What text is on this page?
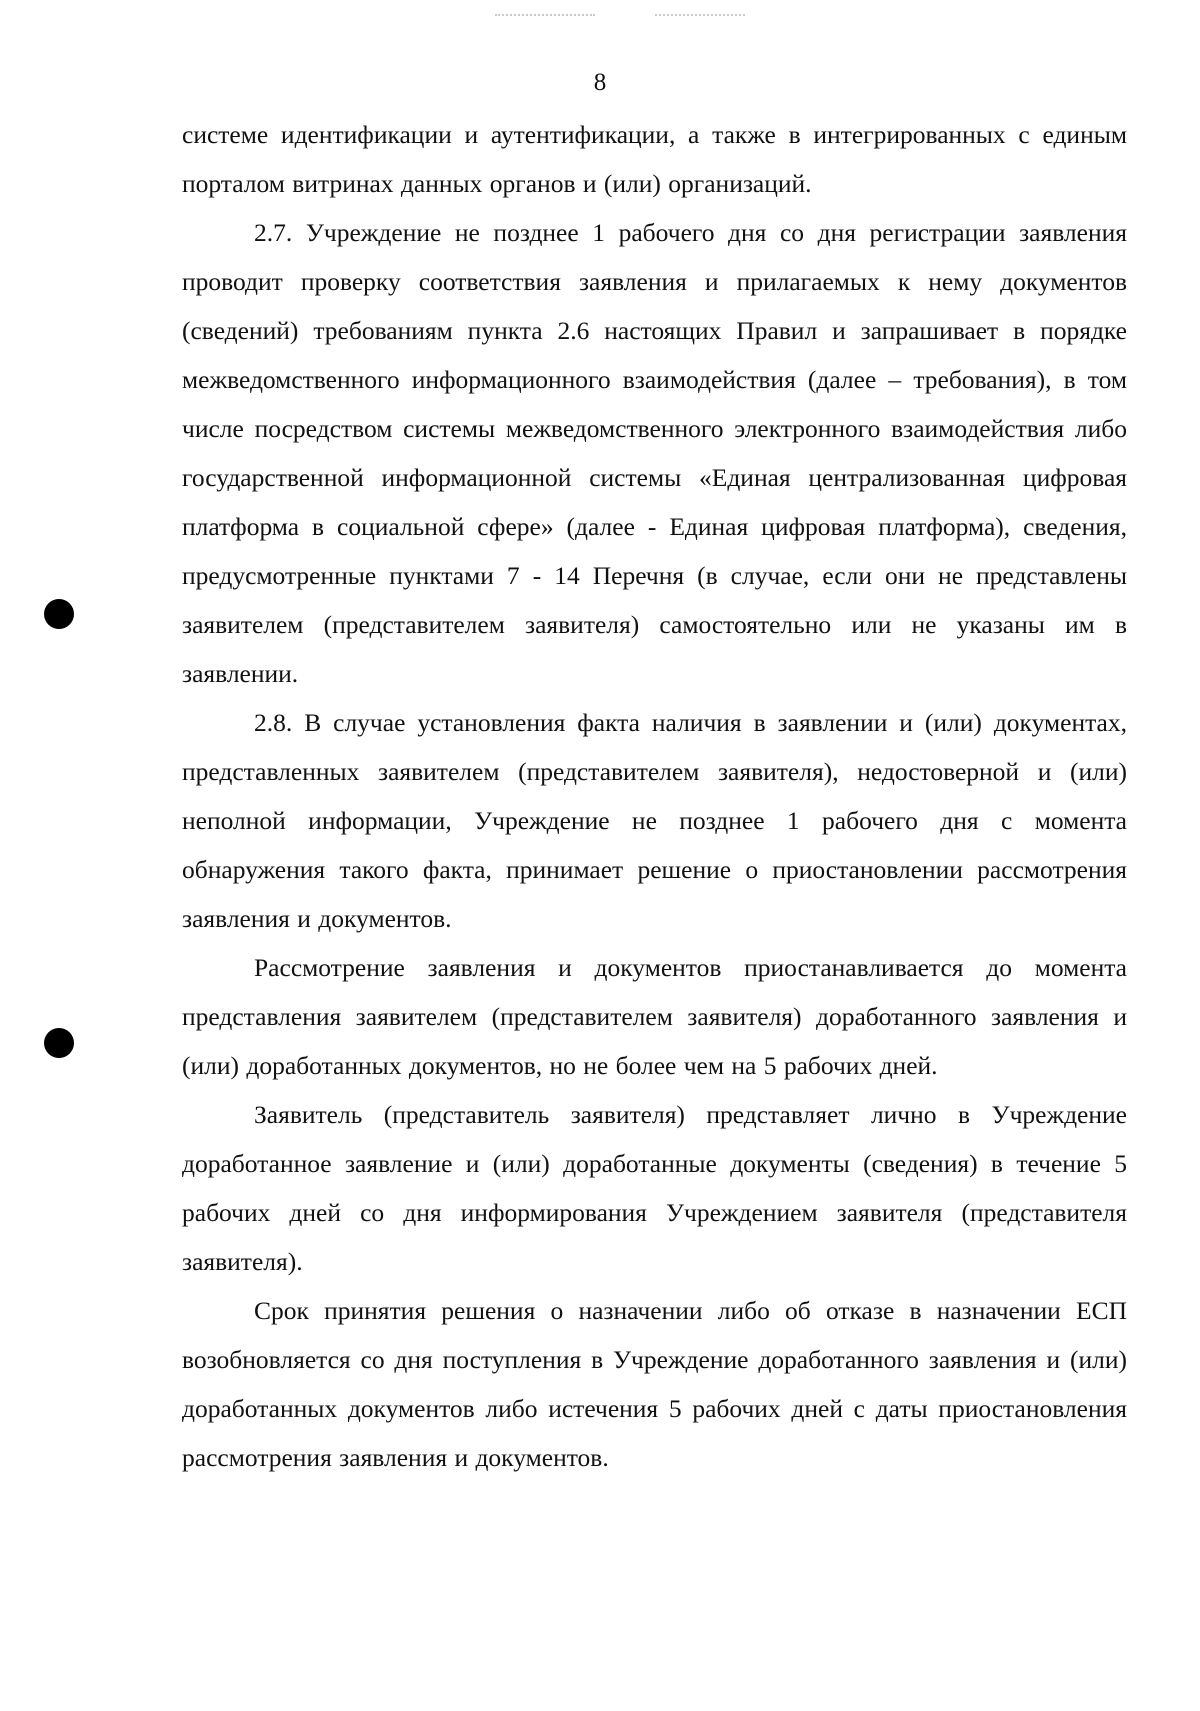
8

системе идентификации и аутентификации, а также в интегрированных с единым порталом витринах данных органов и (или) организаций.

2.7. Учреждение не позднее 1 рабочего дня со дня регистрации заявления проводит проверку соответствия заявления и прилагаемых к нему документов (сведений) требованиям пункта 2.6 настоящих Правил и запрашивает в порядке межведомственного информационного взаимодействия (далее – требования), в том числе посредством системы межведомственного электронного взаимодействия либо государственной информационной системы «Единая централизованная цифровая платформа в социальной сфере» (далее - Единая цифровая платформа), сведения, предусмотренные пунктами 7 - 14 Перечня (в случае, если они не представлены заявителем (представителем заявителя) самостоятельно или не указаны им в заявлении.

2.8. В случае установления факта наличия в заявлении и (или) документах, представленных заявителем (представителем заявителя), недостоверной и (или) неполной информации, Учреждение не позднее 1 рабочего дня с момента обнаружения такого факта, принимает решение о приостановлении рассмотрения заявления и документов.

Рассмотрение заявления и документов приостанавливается до момента представления заявителем (представителем заявителя) доработанного заявления и (или) доработанных документов, но не более чем на 5 рабочих дней.

Заявитель (представитель заявителя) представляет лично в Учреждение доработанное заявление и (или) доработанные документы (сведения) в течение 5 рабочих дней со дня информирования Учреждением заявителя (представителя заявителя).

Срок принятия решения о назначении либо об отказе в назначении ЕСП возобновляется со дня поступления в Учреждение доработанного заявления и (или) доработанных документов либо истечения 5 рабочих дней с даты приостановления рассмотрения заявления и документов.
